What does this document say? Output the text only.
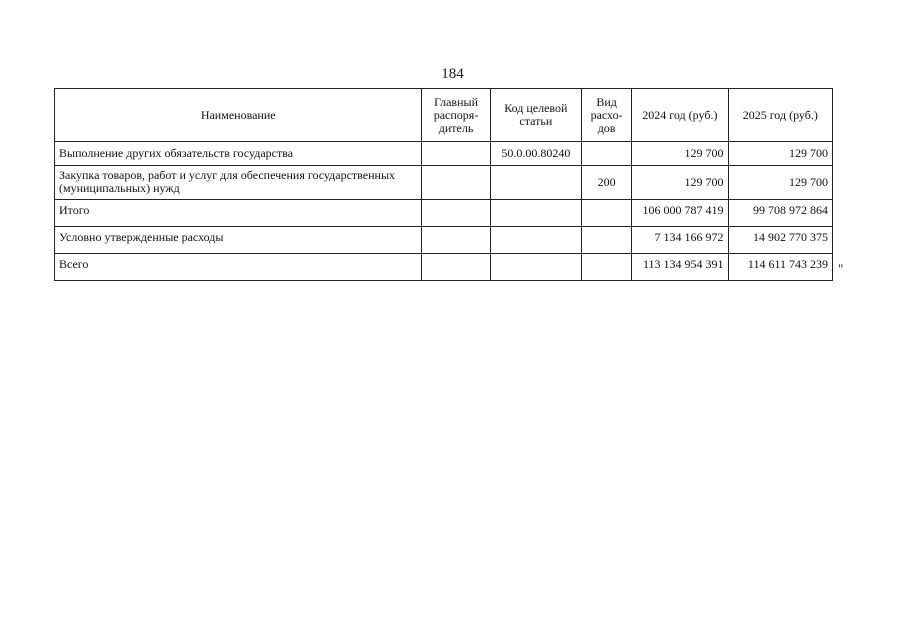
184
Наименование	Главный распоря-дитель	Код целевой статьи	Вид расхо-дов	2024 год (руб.)	2025 год (руб.)
Выполнение других обязательств государства		50.0.00.80240		129 700	129 700
Закупка товаров, работ и услуг для обеспечения государственных (муниципальных) нужд			200	129 700	129 700
Итого				106 000 787 419	99 708 972 864
Условно утвержденные расходы				7 134 166 972	14 902 770 375
Всего				113 134 954 391	114 611 743 239 "
